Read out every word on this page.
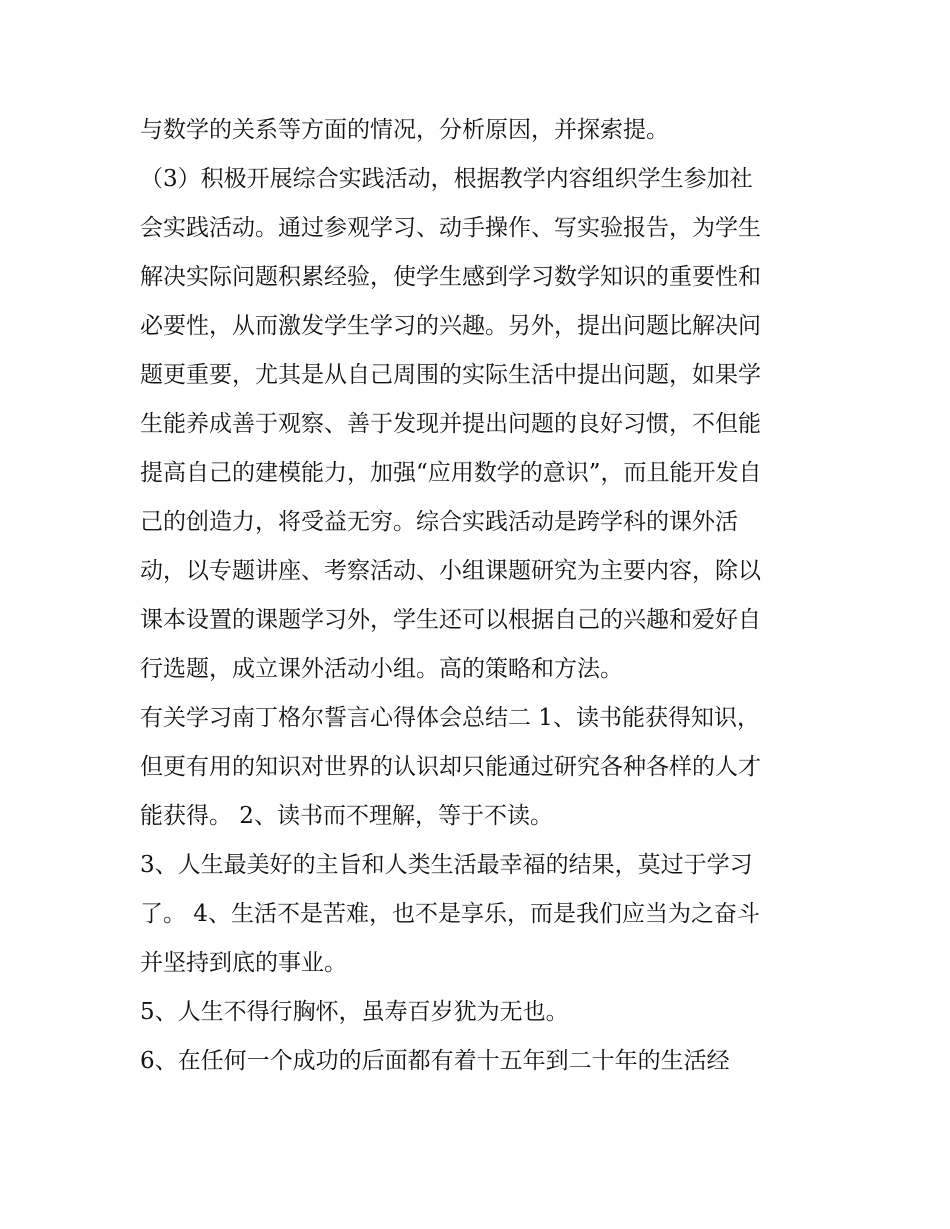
与数学的关系等方面的情况，分析原因，并探索提。
（3）积极开展综合实践活动，根据教学内容组织学生参加社
会实践活动。通过参观学习、动手操作、写实验报告，为学生
解决实际问题积累经验，使学生感到学习数学知识的重要性和
必要性，从而激发学生学习的兴趣。另外，提出问题比解决问
题更重要，尤其是从自己周围的实际生活中提出问题，如果学
生能养成善于观察、善于发现并提出问题的良好习惯，不但能
提高自己的建模能力，加强“应用数学的意识”，而且能开发自
己的创造力，将受益无穷。综合实践活动是跨学科的课外活
动，以专题讲座、考察活动、小组课题研究为主要内容，除以
课本设置的课题学习外，学生还可以根据自己的兴趣和爱好自
行选题，成立课外活动小组。高的策略和方法。
有关学习南丁格尔誓言心得体会总结二 1、读书能获得知识，
但更有用的知识对世界的认识却只能通过研究各种各样的人才
能获得。 2、读书而不理解，等于不读。
3、人生最美好的主旨和人类生活最幸福的结果，莫过于学习
了。 4、生活不是苦难，也不是享乐，而是我们应当为之奋斗
并坚持到底的事业。
5、人生不得行胸怀，虽寿百岁犹为无也。
6、在任何一个成功的后面都有着十五年到二十年的生活经
